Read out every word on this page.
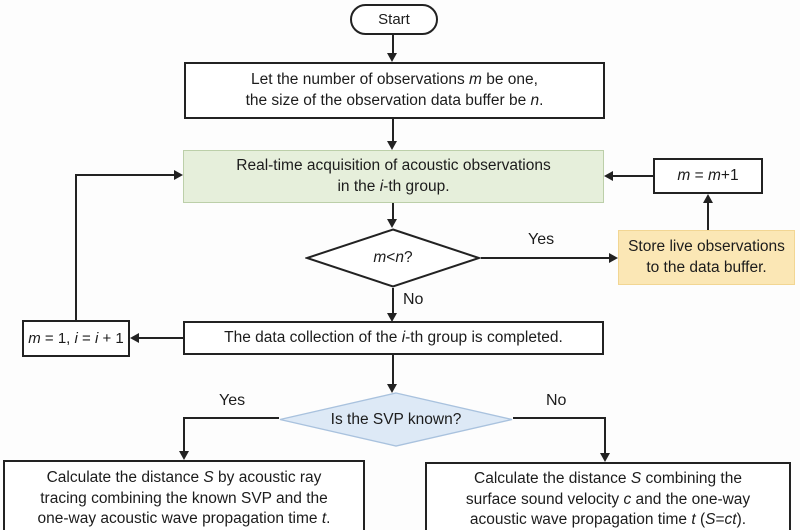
Start
Let the number of observations m be one,
the size of the observation data buffer be n.
Real-time acquisition of acoustic observations
in the i-th group.
m = m+1
m < n ?
Yes	Store live observations
to the data buffer.
No
The data collection of the i-th group is completed.
m = 1, i = i + 1
Is the SVP known?
Yes	No
Calculate the distance S by acoustic ray
tracing combining the known SVP and the
one-way acoustic wave propagation time t.
Calculate the distance S combining the
surface sound velocity c and the one-way
acoustic wave propagation time t (S=ct).
